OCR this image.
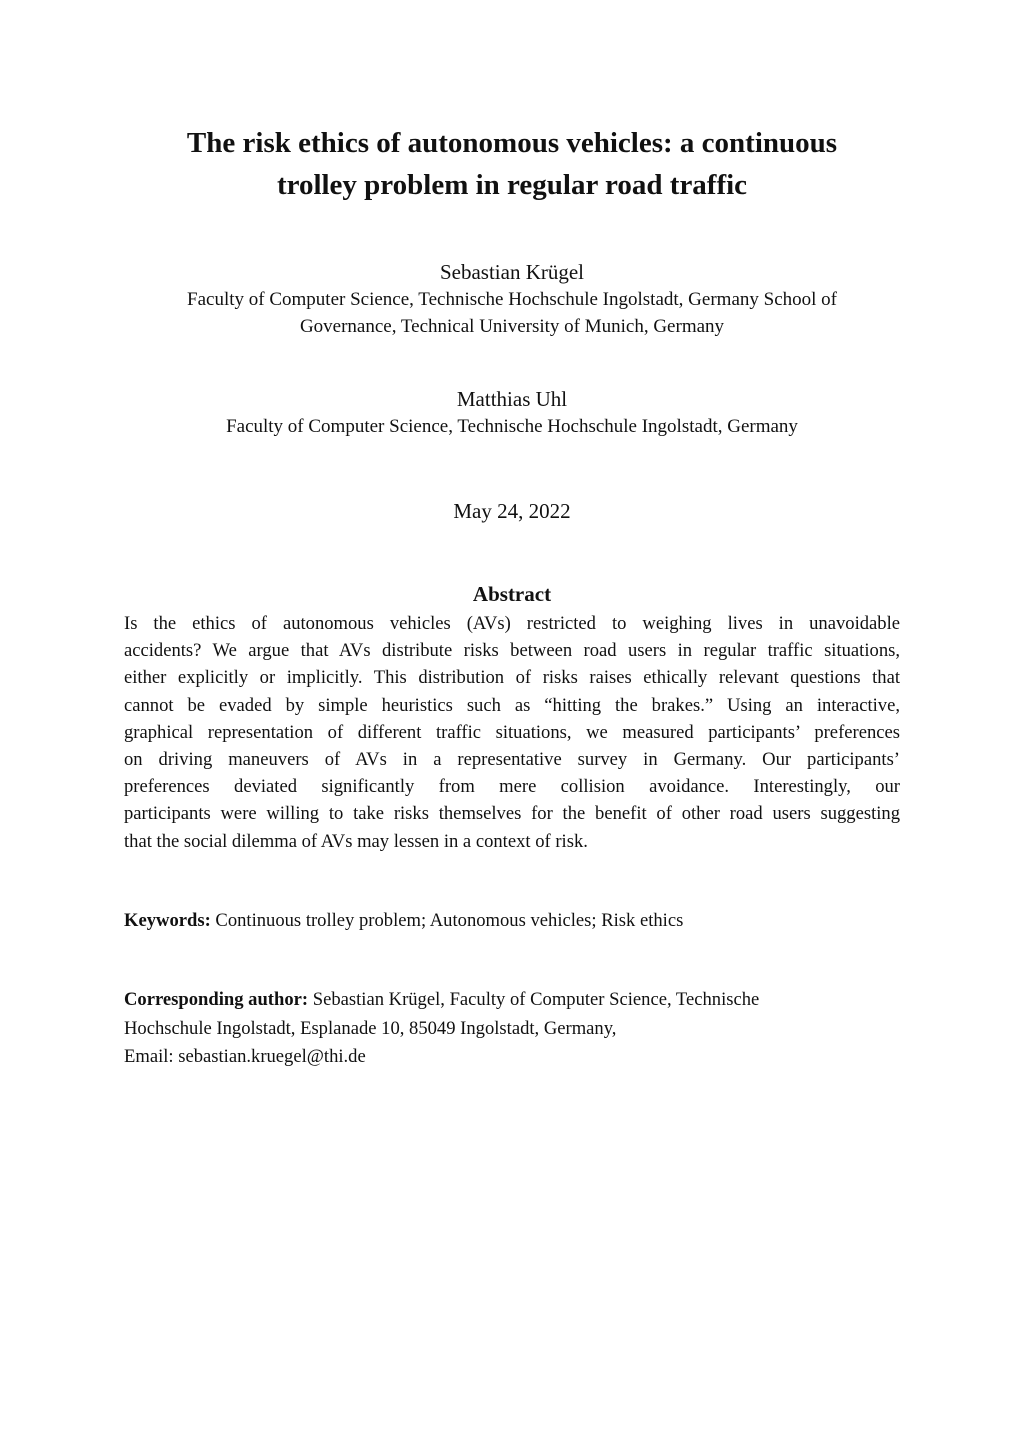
The risk ethics of autonomous vehicles: a continuous
trolley problem in regular road traffic

Sebastian Krügel

Faculty of Computer Science, Technische Hochschule Ingolstadt, Germany School of
Governance, Technical University of Munich, Germany

Matthias Uhl

Faculty of Computer Science, Technische Hochschule Ingolstadt, Germany

May 24, 2022

Abstract
Is the ethics of autonomous vehicles (AVs) restricted to weighing lives in unavoidable
accidents? We argue that AVs distribute risks between road users in regular traffic situations,
either explicitly or implicitly. This distribution of risks raises ethically relevant questions that
cannot be evaded by simple heuristics such as “hitting the brakes.” Using an interactive,
graphical representation of different traffic situations, we measured participants’ preferences
on driving maneuvers of AVs in a representative survey in Germany. Our participants’
preferences deviated significantly from mere collision avoidance. Interestingly, our
participants were willing to take risks themselves for the benefit of other road users suggesting
that the social dilemma of AVs may lessen in a context of risk.

Keywords: Continuous trolley problem; Autonomous vehicles; Risk ethics

Corresponding author: Sebastian Krügel, Faculty of Computer Science, Technische
Hochschule Ingolstadt, Esplanade 10, 85049 Ingolstadt, Germany,
Email: sebastian.kruegel@thi.de
